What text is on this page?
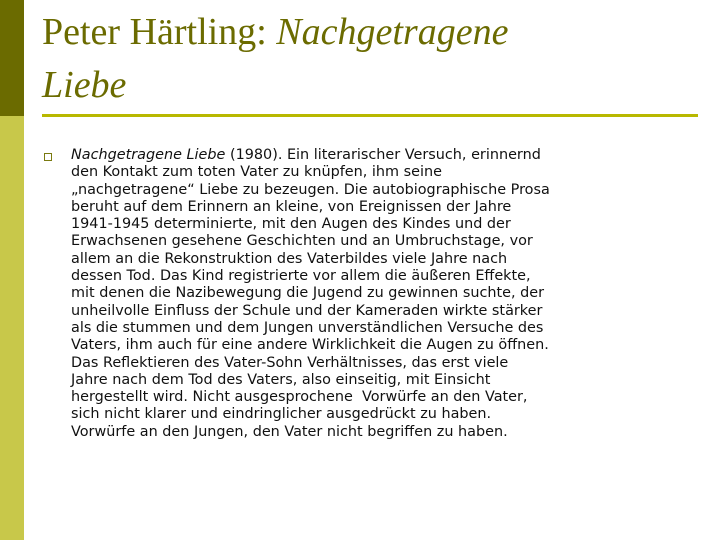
Peter Härtling: Nachgetragene
Liebe
Nachgetragene Liebe (1980). Ein literarischer Versuch, erinnernd
den Kontakt zum toten Vater zu knüpfen, ihm seine
„nachgetragene“ Liebe zu bezeugen. Die autobiographische Prosa
beruht auf dem Erinnern an kleine, von Ereignissen der Jahre
1941-1945 determinierte, mit den Augen des Kindes und der
Erwachsenen gesehene Geschichten und an Umbruchstage, vor
allem an die Rekonstruktion des Vaterbildes viele Jahre nach
dessen Tod. Das Kind registrierte vor allem die äußeren Effekte,
mit denen die Nazibewegung die Jugend zu gewinnen suchte, der
unheilvolle Einfluss der Schule und der Kameraden wirkte stärker
als die stummen und dem Jungen unverständlichen Versuche des
Vaters, ihm auch für eine andere Wirklichkeit die Augen zu öffnen.
Das Reflektieren des Vater-Sohn Verhältnisses, das erst viele
Jahre nach dem Tod des Vaters, also einseitig, mit Einsicht
hergestellt wird. Nicht ausgesprochene  Vorwürfe an den Vater,
sich nicht klarer und eindringlicher ausgedrückt zu haben.
Vorwürfe an den Jungen, den Vater nicht begriffen zu haben.
